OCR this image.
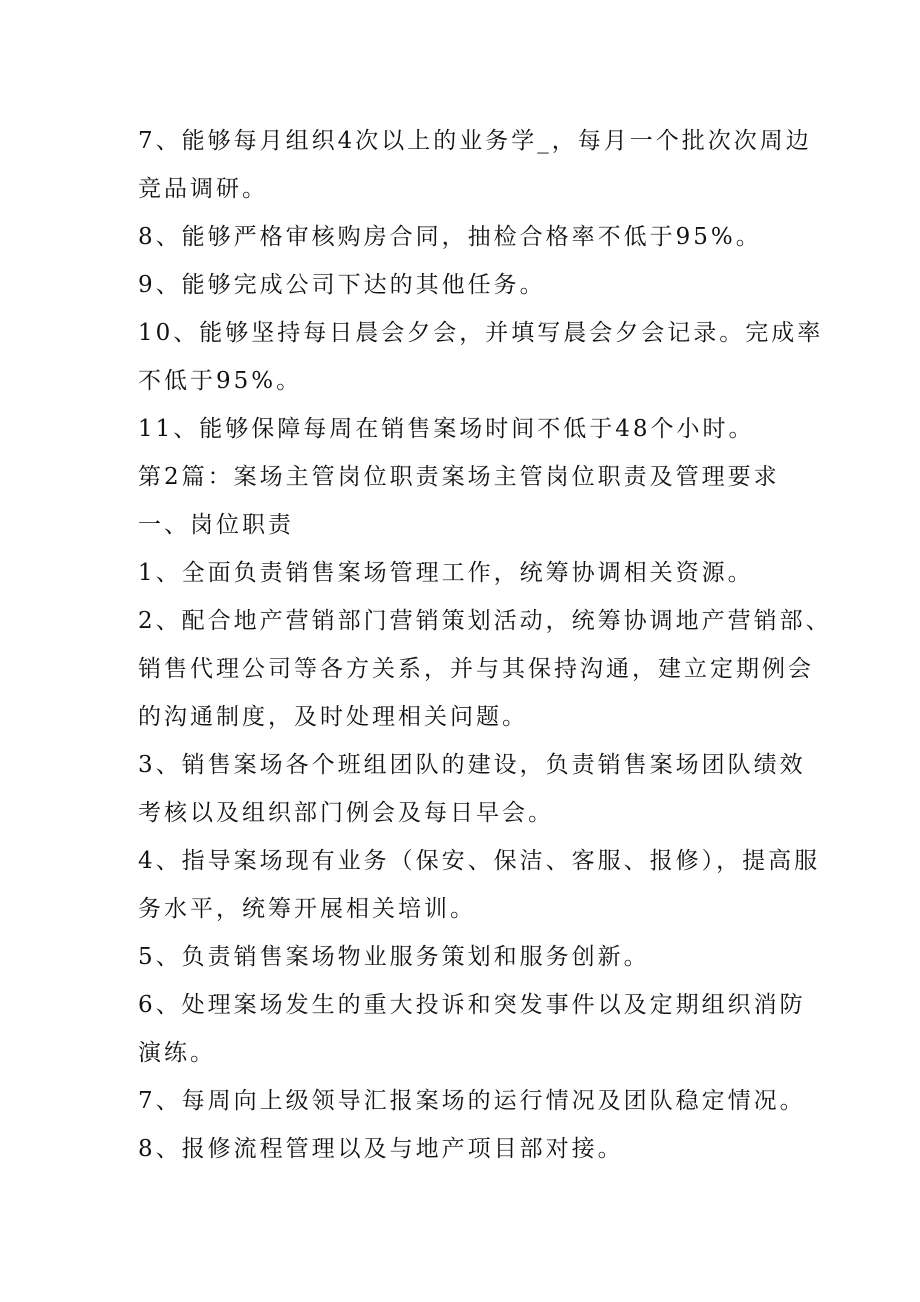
7、能够每月组织4次以上的业务学_，每月一个批次次周边

竞品调研。

8、能够严格审核购房合同，抽检合格率不低于95%。

9、能够完成公司下达的其他任务。

10、能够坚持每日晨会夕会，并填写晨会夕会记录。完成率

不低于95%。

11、能够保障每周在销售案场时间不低于48个小时。

第2篇：案场主管岗位职责案场主管岗位职责及管理要求

一、岗位职责

1、全面负责销售案场管理工作，统筹协调相关资源。

2、配合地产营销部门营销策划活动，统筹协调地产营销部、

销售代理公司等各方关系，并与其保持沟通，建立定期例会

的沟通制度，及时处理相关问题。

3、销售案场各个班组团队的建设，负责销售案场团队绩效

考核以及组织部门例会及每日早会。

4、指导案场现有业务（保安、保洁、客服、报修），提高服

务水平，统筹开展相关培训。

5、负责销售案场物业服务策划和服务创新。

6、处理案场发生的重大投诉和突发事件以及定期组织消防

演练。

7、每周向上级领导汇报案场的运行情况及团队稳定情况。

8、报修流程管理以及与地产项目部对接。
